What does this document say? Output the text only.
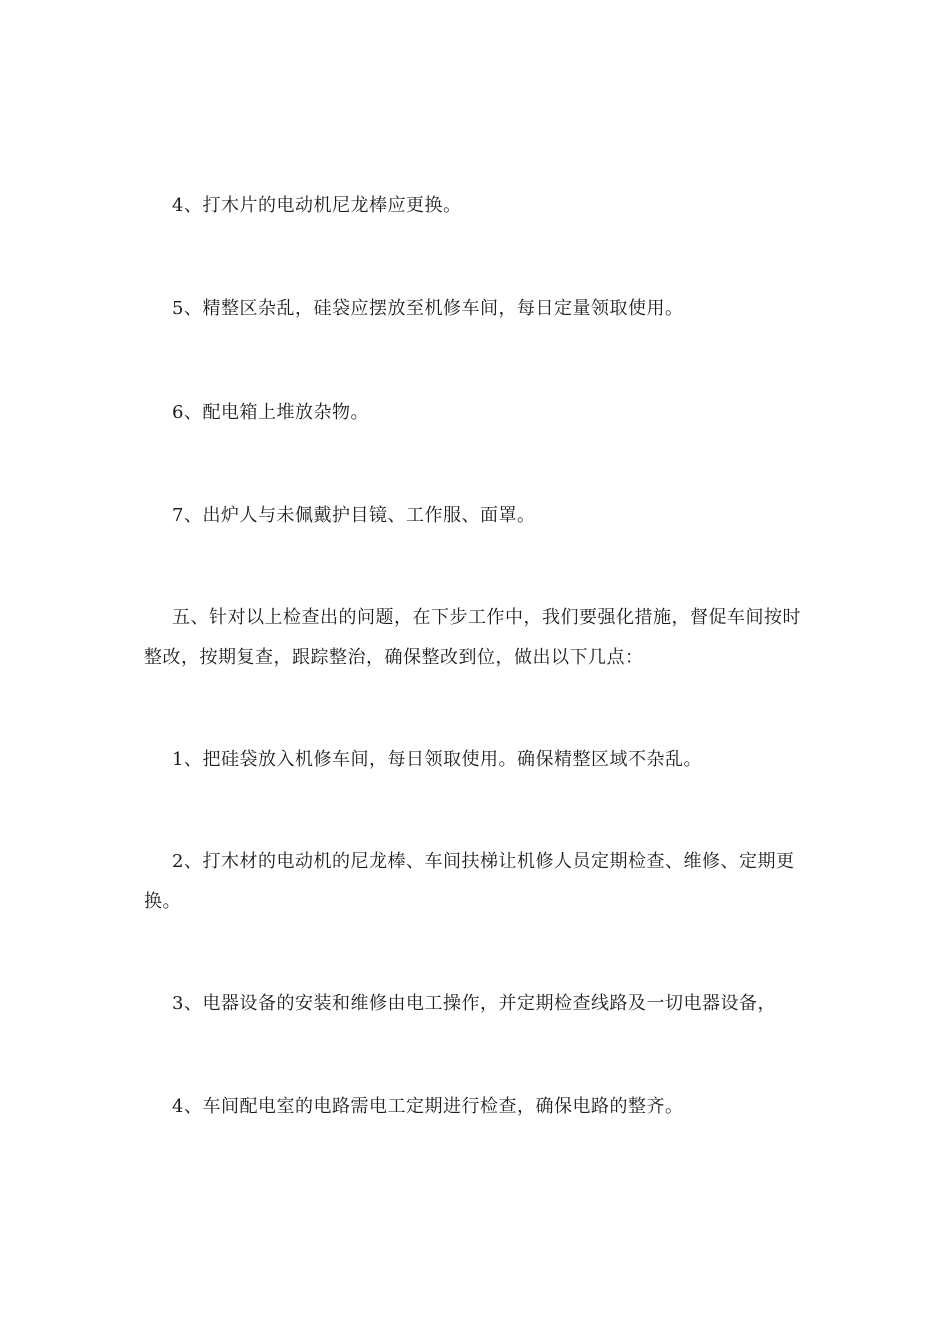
4、打木片的电动机尼龙棒应更换。

5、精整区杂乱，硅袋应摆放至机修车间，每日定量领取使用。

6、配电箱上堆放杂物。

7、出炉人与未佩戴护目镜、工作服、面罩。

五、针对以上检查出的问题，在下步工作中，我们要强化措施，督促车间按时整改，按期复查，跟踪整治，确保整改到位，做出以下几点：

1、把硅袋放入机修车间，每日领取使用。确保精整区域不杂乱。

2、打木材的电动机的尼龙棒、车间扶梯让机修人员定期检查、维修、定期更换。

3、电器设备的安装和维修由电工操作，并定期检查线路及一切电器设备，

4、车间配电室的电路需电工定期进行检查，确保电路的整齐。
